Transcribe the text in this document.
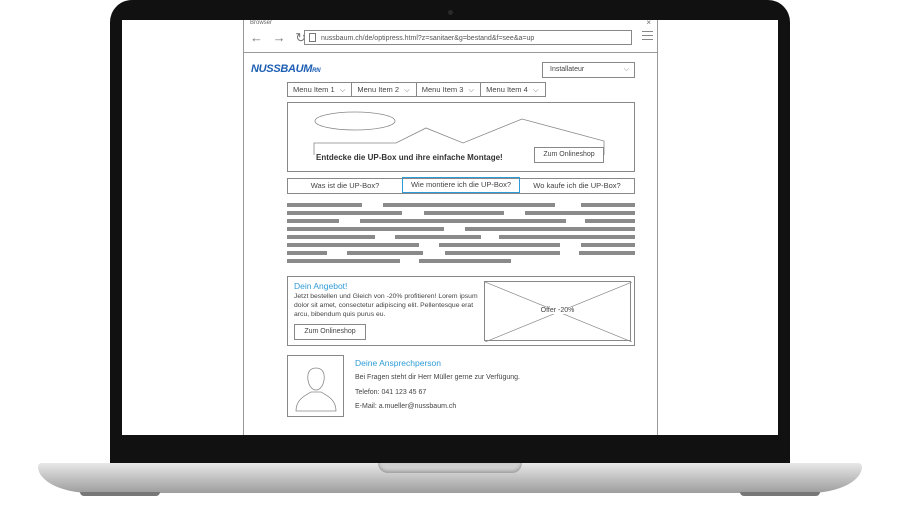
Browser	×
← → ↻	nussbaum.ch/de/optipress.html?z=sanitaer&g=bestand&f=see&a=up
NUSSBAUMRN	Installateur	⌵
Menu Item 1 ⌵	Menu Item 2 ⌵	Menu Item 3 ⌵	Menu Item 4 ⌵
Entdecke die UP-Box und ihre einfache Montage!	Zum Onlineshop
Was ist die UP-Box?	Wie montiere ich die UP-Box?	Wo kaufe ich die UP-Box?
Dein Angebot!
Jetzt bestellen und Gleich von -20% profitieren! Lorem ipsum dolor sit amet, consectetur adipiscing elit. Pellentesque erat arcu, bibendum quis purus eu.
Zum Onlineshop
Offer -20%
Deine Ansprechperson
Bei Fragen steht dir Herr Müller gerne zur Verfügung.
Telefon: 041 123 45 67
E-Mail: a.mueller@nussbaum.ch
